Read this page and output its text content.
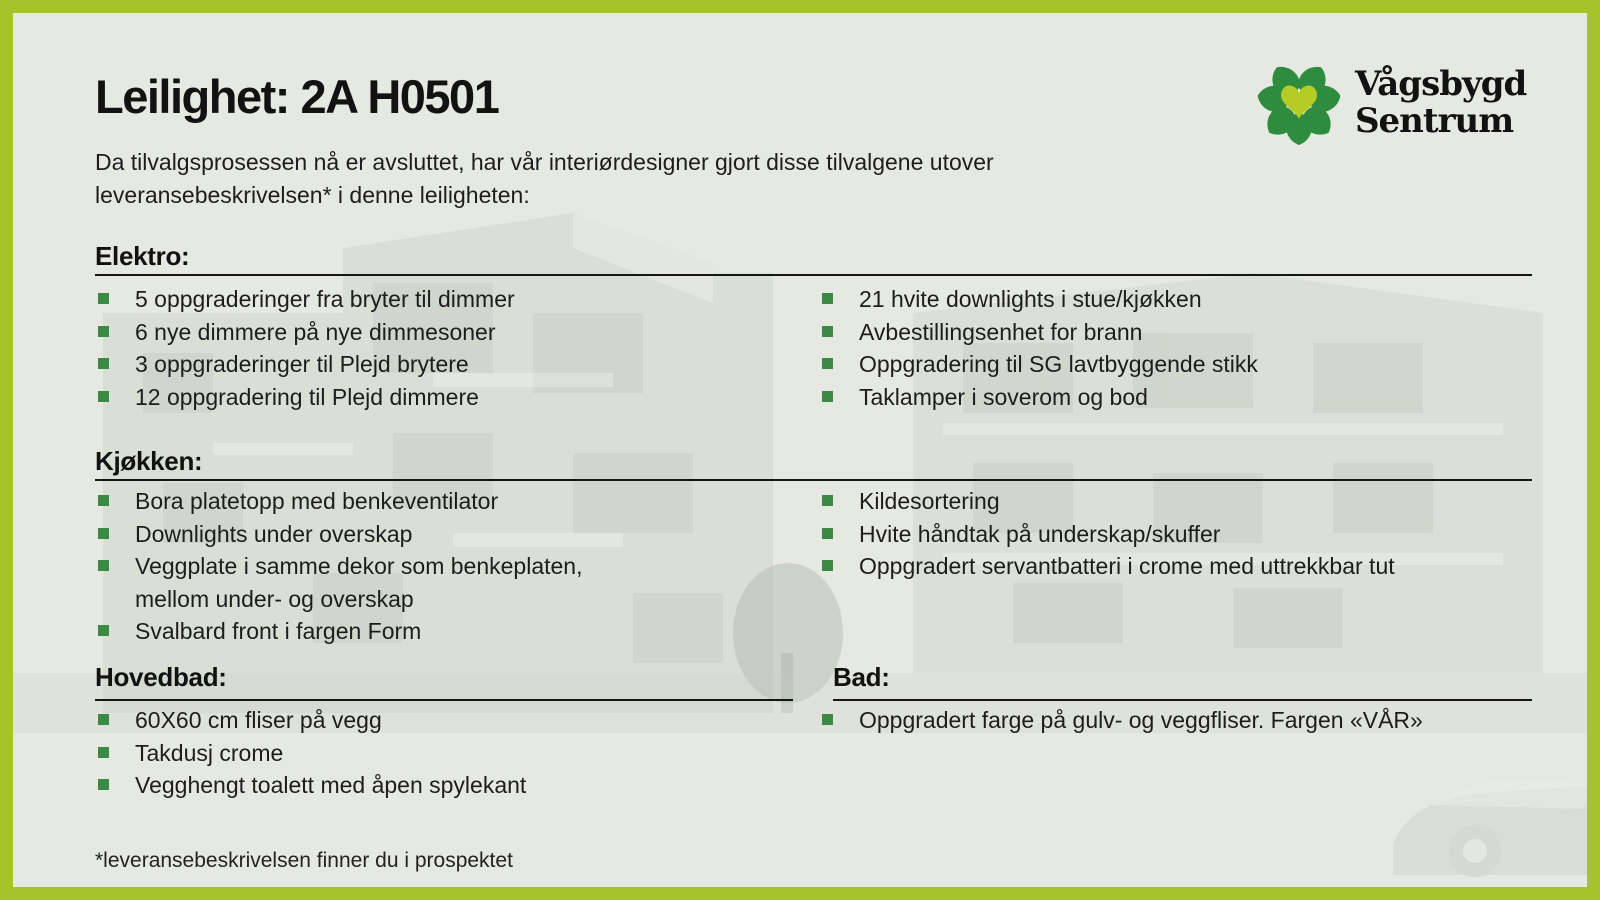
Leilighet: 2A H0501

Da tilvalgsprosessen nå er avsluttet, har vår interiørdesigner gjort disse tilvalgene utover leveransebeskrivelsen* i denne leiligheten:

Vågsbygd
Sentrum
Elektro:
5 oppgraderinger fra bryter til dimmer
6 nye dimmere på nye dimmesoner
3 oppgraderinger til Plejd brytere
12 oppgradering til Plejd dimmere
21 hvite downlights i stue/kjøkken
Avbestillingsenhet for brann
Oppgradering til SG lavtbyggende stikk
Taklamper i soverom og bod
Kjøkken:
Bora platetopp med benkeventilator
Downlights under overskap
Veggplate i samme dekor som benkeplaten, mellom under- og overskap
Svalbard front i fargen Form
Kildesortering
Hvite håndtak på underskap/skuffer
Oppgradert servantbatteri i crome med uttrekkbar tut
Hovedbad:
60X60 cm fliser på vegg
Takdusj crome
Vegghengt toalett med åpen spylekant
Bad:
Oppgradert farge på gulv- og veggfliser. Fargen «VÅR»

*leveransebeskrivelsen finner du i prospektet
